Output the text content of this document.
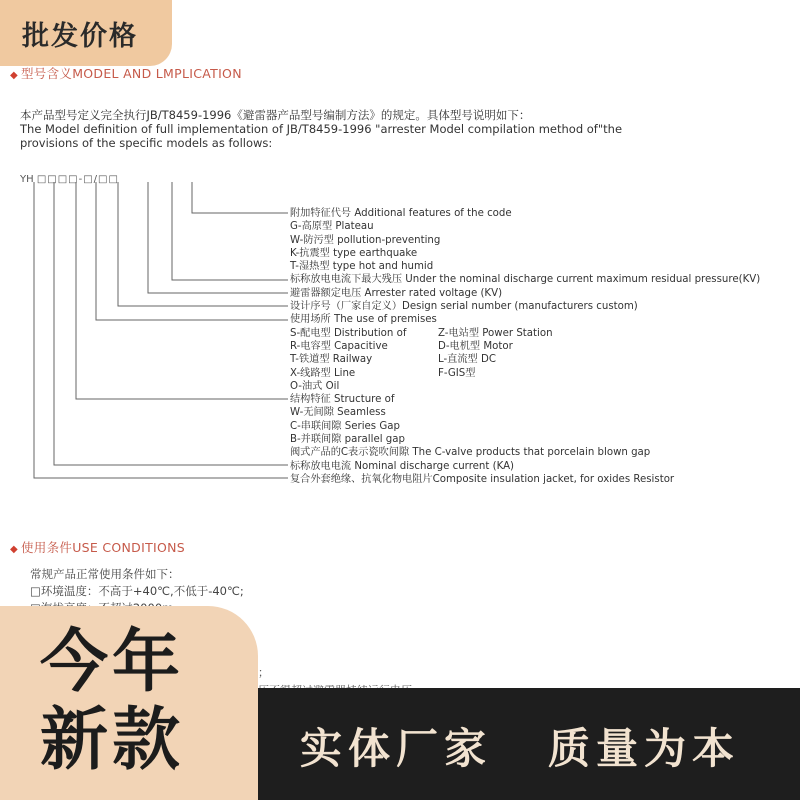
批发价格
◆ 型号含义MODEL AND LMPLICATION
本产品型号定义完全执行JB/T8459-1996《避雷器产品型号编制方法》的规定。具体型号说明如下：
The Model definition of full implementation of JB/T8459-1996 "arrester Model compilation method of"the
provisions of the specific models as follows:
YH □□□□-□/□□
附加特征代号 Additional features of the code
G-高原型 Plateau
W-防污型 pollution-preventing
K-抗震型 type earthquake
T-湿热型 type hot and humid
标称放电电流下最大残压 Under the nominal discharge current maximum residual pressure(KV)
避雷器额定电压 Arrester rated voltage (KV)
设计序号（厂家自定义）Design serial number (manufacturers custom)
使用场所 The use of premises
S-配电型 Distribution of	Z-电站型 Power Station
R-电容型 Capacitive	D-电机型 Motor
T-铁道型 Railway	L-直流型 DC
X-线路型 Line	F-GIS型
O-油式 Oil
结构特征 Structure of
W-无间隙 Seamless
C-串联间隙 Series Gap
B-并联间隙 parallel gap
阀式产品的C表示瓷吹间隙 The C-valve products that porcelain blown gap
标称放电电流 Nominal discharge current (KA)
复合外套绝缘、抗氧化物电阻片Composite insulation jacket, for oxides Resistor
◆ 使用条件USE CONDITIONS
常规产品正常使用条件如下：
□环境温度：不高于+40℃,不低于-40℃;
；
今年
新款	实体厂家 质量为本
